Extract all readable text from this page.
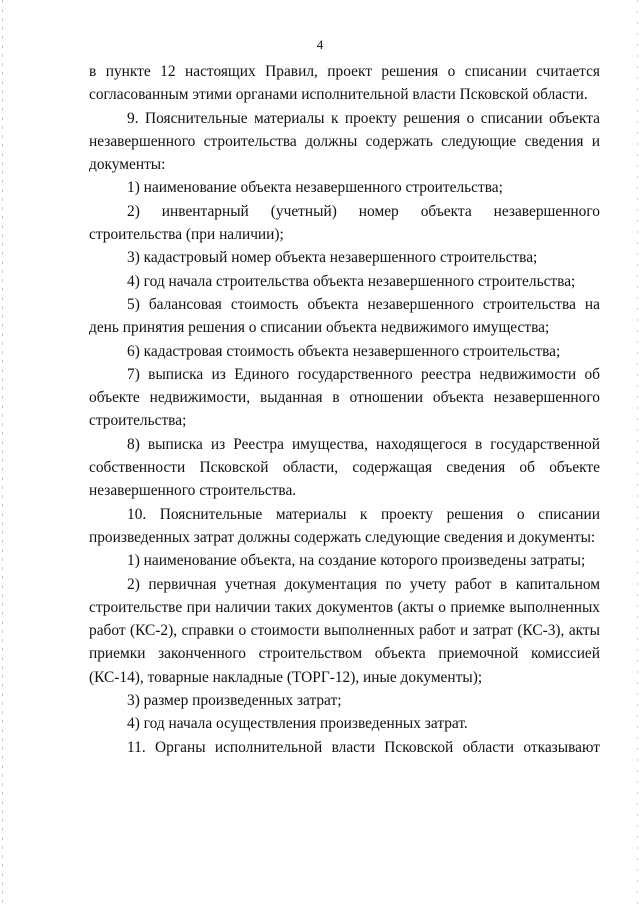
4

в пункте 12 настоящих Правил, проект решения о списании считается согласованным этими органами исполнительной власти Псковской области.

9. Пояснительные материалы к проекту решения о списании объекта незавершенного строительства должны содержать следующие сведения и документы:

1) наименование объекта незавершенного строительства;

2) инвентарный (учетный) номер объекта незавершенного строительства (при наличии);

3) кадастровый номер объекта незавершенного строительства;

4) год начала строительства объекта незавершенного строительства;

5) балансовая стоимость объекта незавершенного строительства на день принятия решения о списании объекта недвижимого имущества;

6) кадастровая стоимость объекта незавершенного строительства;

7) выписка из Единого государственного реестра недвижимости об объекте недвижимости, выданная в отношении объекта незавершенного строительства;

8) выписка из Реестра имущества, находящегося в государственной собственности Псковской области, содержащая сведения об объекте незавершенного строительства.

10. Пояснительные материалы к проекту решения о списании произведенных затрат должны содержать следующие сведения и документы:

1) наименование объекта, на создание которого произведены затраты;

2) первичная учетная документация по учету работ в капитальном строительстве при наличии таких документов (акты о приемке выполненных работ (КС-2), справки о стоимости выполненных работ и затрат (КС-3), акты приемки законченного строительством объекта приемочной комиссией (КС-14), товарные накладные (ТОРГ-12), иные документы);

3) размер произведенных затрат;

4) год начала осуществления произведенных затрат.

11. Органы исполнительной власти Псковской области отказывают
